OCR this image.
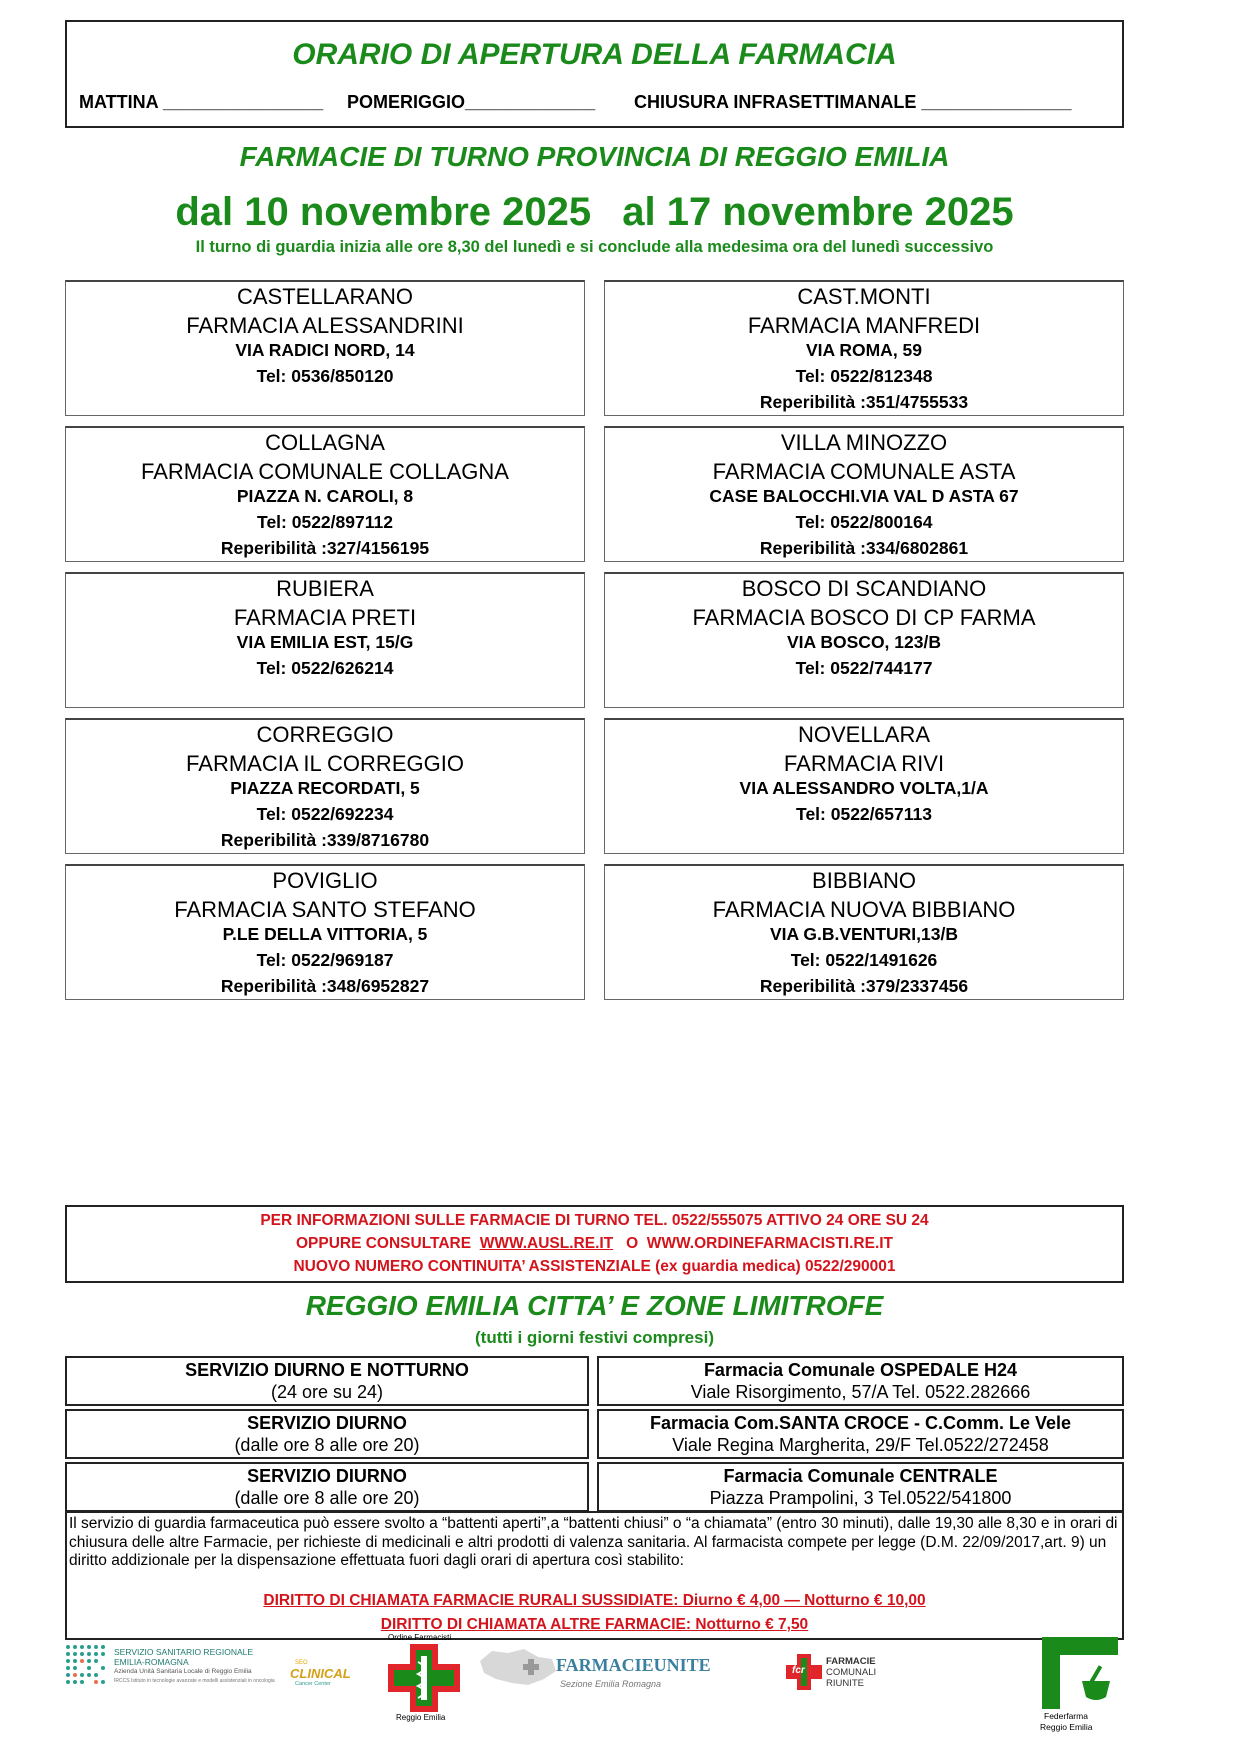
ORARIO DI APERTURA DELLA FARMACIA
MATTINA ________________ POMERIGGIO_____________ CHIUSURA INFRASETTIMANALE _______________
FARMACIE DI TURNO PROVINCIA DI REGGIO EMILIA
dal 10 novembre 2025 al 17 novembre 2025
Il turno di guardia inizia alle ore 8,30 del lunedì e si conclude alla medesima ora del lunedì successivo
CASTELLARANO
FARMACIA ALESSANDRINI
VIA RADICI NORD, 14
Tel: 0536/850120
CAST.MONTI
FARMACIA MANFREDI
VIA ROMA, 59
Tel: 0522/812348
Reperibilità :351/4755533
COLLAGNA
FARMACIA COMUNALE COLLAGNA
PIAZZA N. CAROLI, 8
Tel: 0522/897112
Reperibilità :327/4156195
VILLA MINOZZO
FARMACIA COMUNALE ASTA
CASE BALOCCHI.VIA VAL D ASTA 67
Tel: 0522/800164
Reperibilità :334/6802861
RUBIERA
FARMACIA PRETI
VIA EMILIA EST, 15/G
Tel: 0522/626214
BOSCO DI SCANDIANO
FARMACIA BOSCO DI CP FARMA
VIA BOSCO, 123/B
Tel: 0522/744177
CORREGGIO
FARMACIA IL CORREGGIO
PIAZZA RECORDATI, 5
Tel: 0522/692234
Reperibilità :339/8716780
NOVELLARA
FARMACIA RIVI
VIA ALESSANDRO VOLTA,1/A
Tel: 0522/657113
POVIGLIO
FARMACIA SANTO STEFANO
P.LE DELLA VITTORIA, 5
Tel: 0522/969187
Reperibilità :348/6952827
BIBBIANO
FARMACIA NUOVA BIBBIANO
VIA G.B.VENTURI,13/B
Tel: 0522/1491626
Reperibilità :379/2337456
PER INFORMAZIONI SULLE FARMACIE DI TURNO TEL. 0522/555075 ATTIVO 24 ORE SU 24
OPPURE CONSULTARE WWW.AUSL.RE.IT O WWW.ORDINEFARMACISTI.RE.IT
NUOVO NUMERO CONTINUITA’ ASSISTENZIALE (ex guardia medica) 0522/290001
REGGIO EMILIA CITTA’ E ZONE LIMITROFE
(tutti i giorni festivi compresi)
SERVIZIO DIURNO E NOTTURNO
(24 ore su 24)
Farmacia Comunale OSPEDALE H24
Viale Risorgimento, 57/A Tel. 0522.282666
SERVIZIO DIURNO
(dalle ore 8 alle ore 20)
Farmacia Com.SANTA CROCE - C.Comm. Le Vele
Viale Regina Margherita, 29/F Tel.0522/272458
SERVIZIO DIURNO
(dalle ore 8 alle ore 20)
Farmacia Comunale CENTRALE
Piazza Prampolini, 3 Tel.0522/541800
Il servizio di guardia farmaceutica può essere svolto a “battenti aperti”,a “battenti chiusi” o “a chiamata” (entro 30 minuti), dalle 19,30 alle 8,30 e in orari di chiusura delle altre Farmacie, per richieste di medicinali e altri prodotti di valenza sanitaria. Al farmacista compete per legge (D.M. 22/09/2017,art. 9) un diritto addizionale per la dispensazione effettuata fuori dagli orari di apertura così stabilito:
DIRITTO DI CHIAMATA FARMACIE RURALI SUSSIDIATE: Diurno € 4,00 — Notturno € 10,00
DIRITTO DI CHIAMATA ALTRE FARMACIE: Notturno € 7,50
SERVIZIO SANITARIO REGIONALE
EMILIA-ROMAGNA
Azienda Unità Sanitaria Locale di Reggio Emilia
IRCCS Istituto in tecnologie avanzate e modelli assistenziali in oncologia
SEO
CLINICAL
Cancer Center
Ordine Farmacisti
Reggio Emilia
FARMACIEUNITE
Sezione Emilia Romagna
fcr
FARMACIE
COMUNALI
RIUNITE
Federfarma
Reggio Emilia
